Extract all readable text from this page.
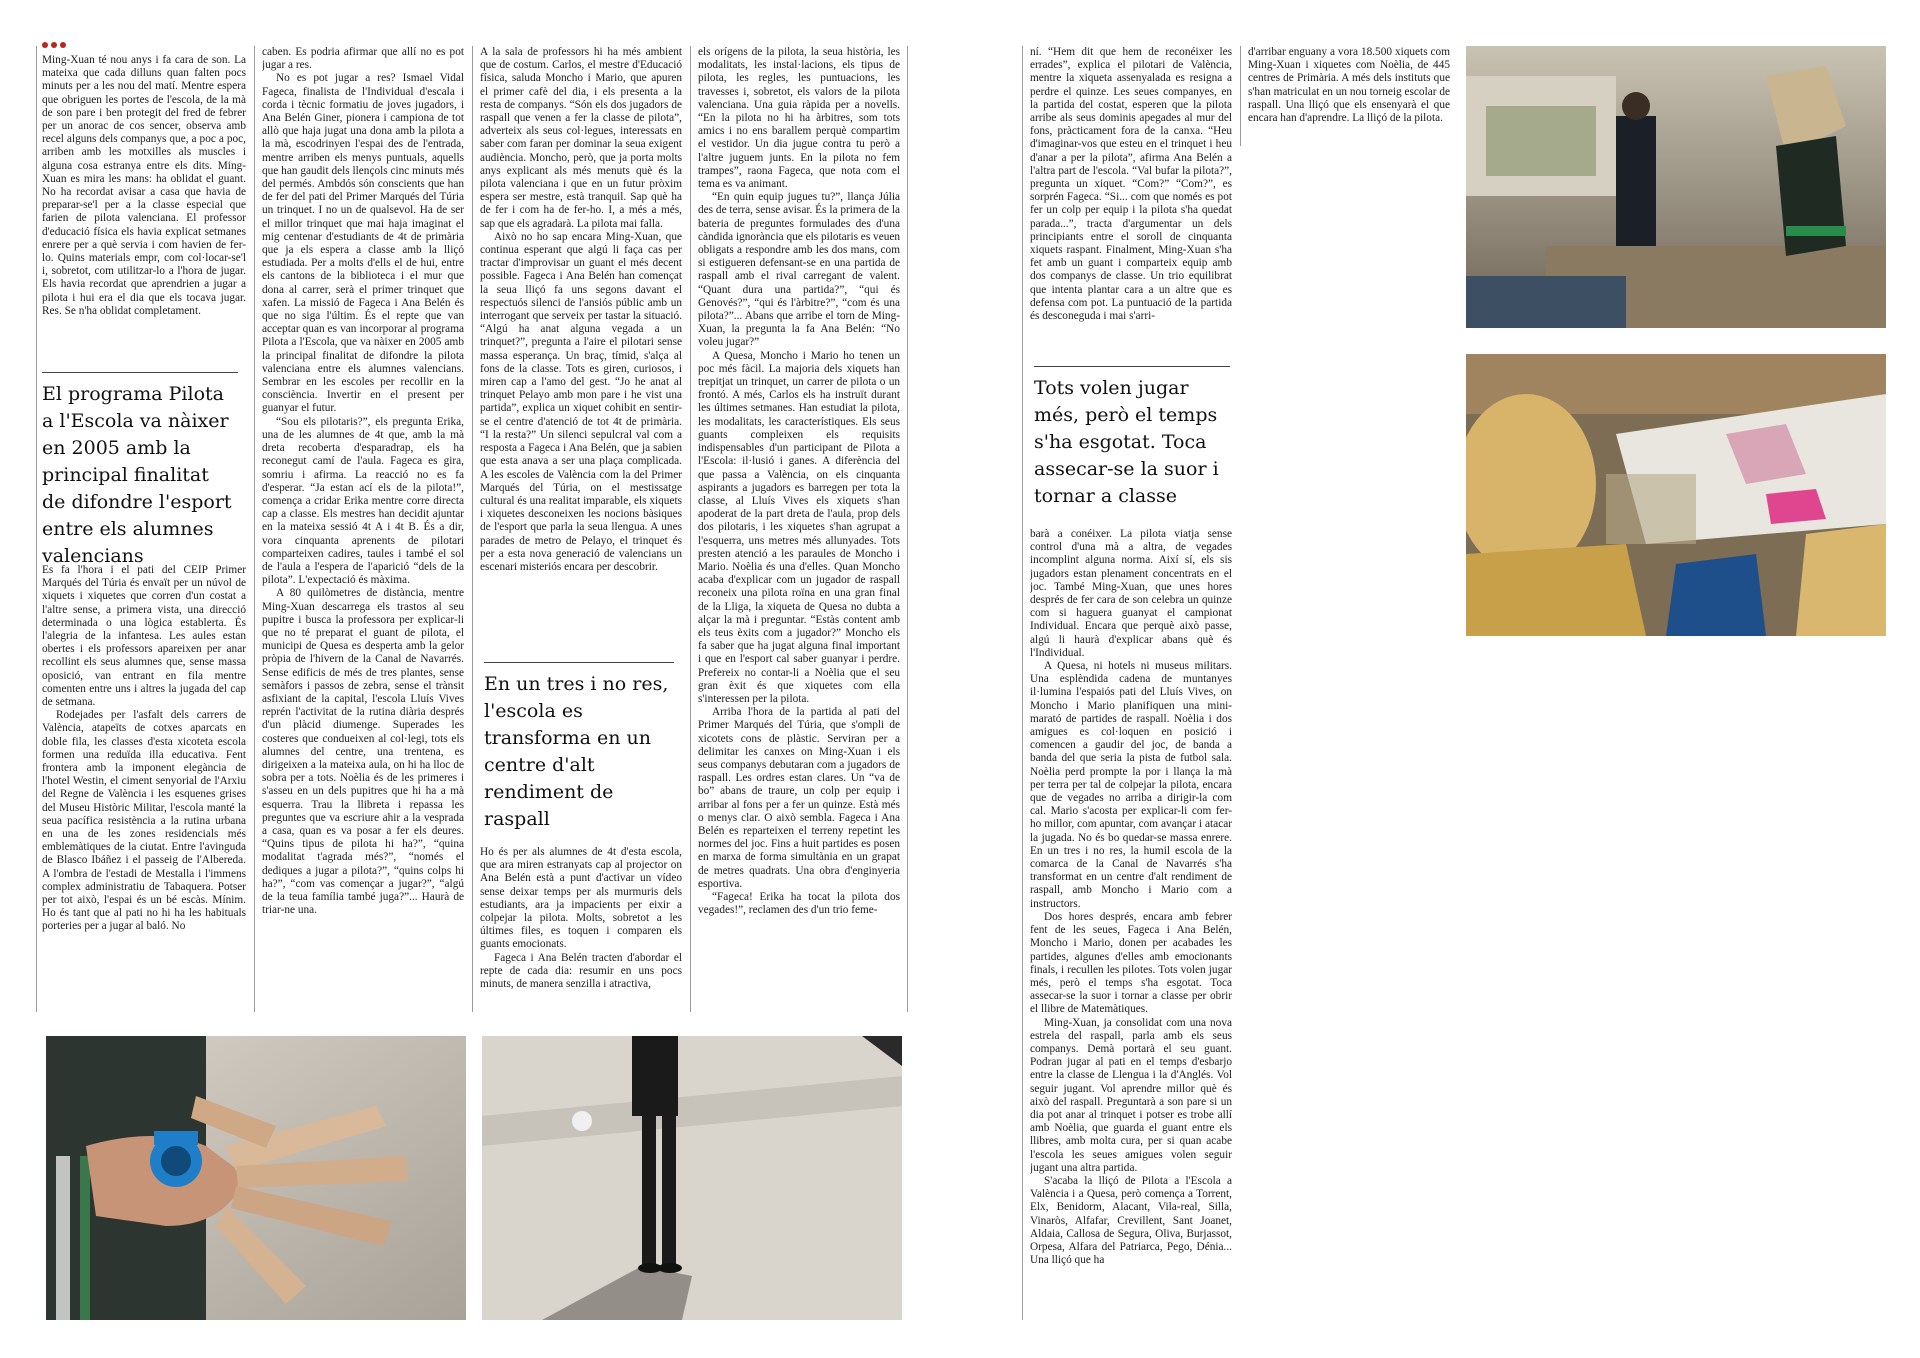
Ming-Xuan té nou anys i fa cara de son. La mateixa que cada dilluns quan falten pocs minuts per a les nou del matí. Mentre espera que obriguen les portes de l'escola, de la mà de son pare i ben protegit del fred de febrer per un anorac de cos sencer, observa amb recel alguns dels companys que, a poc a poc, arriben amb les motxilles als muscles i alguna cosa estranya entre els dits. Ming-Xuan es mira les mans: ha oblidat el guant. No ha recordat avisar a casa que havia de preparar-se'l per a la classe especial que farien de pilota valenciana. El professor d'educació física els havia explicat setmanes enrere per a què servia i com havien de fer-lo. Quins materials empr, com col·locar-se'l i, sobretot, com utilitzar-lo a l'hora de jugar. Els havia recordat que aprendrien a jugar a pilota i hui era el dia que els tocava jugar. Res. Se n'ha oblidat completament.

El programa Pilota a l'Escola va nàixer en 2005 amb la principal finalitat de difondre l'esport entre els alumnes valencians

Es fa l'hora i el pati del CEIP Primer Marqués del Túria és envaït per un núvol de xiquets i xiquetes que corren d'un costat a l'altre sense, a primera vista, una direcció determinada o una lògica establerta. És l'alegria de la infantesa. Les aules estan obertes i els professors apareixen per anar recollint els seus alumnes que, sense massa oposició, van entrant en fila mentre comenten entre uns i altres la jugada del cap de setmana.

Rodejades per l'asfalt dels carrers de València, atapeïts de cotxes aparcats en doble fila, les classes d'esta xicoteta escola formen una reduïda illa educativa. Fent frontera amb la imponent elegància de l'hotel Westin, el ciment senyorial de l'Arxiu del Regne de València i les esquenes grises del Museu Històric Militar, l'escola manté la seua pacífica resistència a la rutina urbana en una de les zones residencials més emblemàtiques de la ciutat. Entre l'avinguda de Blasco Ibáñez i el passeig de l'Albereda. A l'ombra de l'estadi de Mestalla i l'immens complex administratiu de Tabaquera. Potser per tot això, l'espai és un bé escàs. Mínim. Ho és tant que al pati no hi ha les habituals porteries per a jugar al baló. No

caben. Es podria afirmar que allí no es pot jugar a res.

No es pot jugar a res? Ismael Vidal Fageca, finalista de l'Individual d'escala i corda i tècnic formatiu de joves jugadors, i Ana Belén Giner, pionera i campiona de tot allò que haja jugat una dona amb la pilota a la mà, escodrinyen l'espai des de l'entrada, mentre arriben els menys puntuals, aquells que han gaudit dels llençols cinc minuts més del permés. Ambdós són conscients que han de fer del pati del Primer Marqués del Túria un trinquet. I no un de qualsevol. Ha de ser el millor trinquet que mai haja imaginat el mig centenar d'estudiants de 4t de primària que ja els espera a classe amb la lliçó estudiada. Per a molts d'ells el de hui, entre els cantons de la biblioteca i el mur que dona al carrer, serà el primer trinquet que xafen. La missió de Fageca i Ana Belén és que no siga l'últim. És el repte que van acceptar quan es van incorporar al programa Pilota a l'Escola, que va nàixer en 2005 amb la principal finalitat de difondre la pilota valenciana entre els alumnes valencians. Sembrar en les escoles per recollir en la consciència. Invertir en el present per guanyar el futur.

“Sou els pilotaris?”, els pregunta Erika, una de les alumnes de 4t que, amb la mà dreta recoberta d'esparadrap, els ha reconegut camí de l'aula. Fageca es gira, somriu i afirma. La reacció no es fa d'esperar. “Ja estan ací els de la pilota!”, comença a cridar Erika mentre corre directa cap a classe. Els mestres han decidit ajuntar en la mateixa sessió 4t A i 4t B. És a dir, vora cinquanta aprenents de pilotari comparteixen cadires, taules i també el sol de l'aula a l'espera de l'aparició “dels de la pilota”. L'expectació és màxima.

A 80 quilòmetres de distància, mentre Ming-Xuan descarrega els trastos al seu pupitre i busca la professora per explicar-li que no té preparat el guant de pilota, el municipi de Quesa es desperta amb la gelor pròpia de l'hivern de la Canal de Navarrés. Sense edificis de més de tres plantes, sense semàfors i passos de zebra, sense el trànsit asfixiant de la capital, l'escola Lluís Vives reprén l'activitat de la rutina diària després d'un plàcid diumenge. Superades les costeres que condueixen al col·legi, tots els alumnes del centre, una trentena, es dirigeixen a la mateixa aula, on hi ha lloc de sobra per a tots. Noèlia és de les primeres i s'asseu en un dels pupitres que hi ha a mà esquerra. Trau la llibreta i repassa les preguntes que va escriure ahir a la vesprada a casa, quan es va posar a fer els deures. “Quins tipus de pilota hi ha?”, “quina modalitat t'agrada més?”, “només el dediques a jugar a pilota?”, “quins colps hi ha?”, “com vas començar a jugar?”, “algú de la teua família també juga?”... Haurà de triar-ne una.

A la sala de professors hi ha més ambient que de costum. Carlos, el mestre d'Educació física, saluda Moncho i Mario, que apuren el primer cafè del dia, i els presenta a la resta de companys. “Són els dos jugadors de raspall que venen a fer la classe de pilota”, adverteix als seus col·legues, interessats en saber com faran per dominar la seua exigent audiència. Moncho, però, que ja porta molts anys explicant als més menuts què és la pilota valenciana i que en un futur pròxim espera ser mestre, està tranquil. Sap què ha de fer i com ha de fer-ho. I, a més a més, sap que els agradarà. La pilota mai falla.

Això no ho sap encara Ming-Xuan, que continua esperant que algú li faça cas per tractar d'improvisar un guant el més decent possible. Fageca i Ana Belén han començat la seua lliçó fa uns segons davant el respectuós silenci de l'ansiós públic amb un interrogant que serveix per tastar la situació. “Algú ha anat alguna vegada a un trinquet?”, pregunta a l'aire el pilotari sense massa esperança. Un braç, tímid, s'alça al fons de la classe. Tots es giren, curiosos, i miren cap a l'amo del gest. “Jo he anat al trinquet Pelayo amb mon pare i he vist una partida”, explica un xiquet cohibit en sentir-se el centre d'atenció de tot 4t de primària. “I la resta?” Un silenci sepulcral val com a resposta a Fageca i Ana Belén, que ja sabien que esta anava a ser una plaça complicada. A les escoles de València com la del Primer Marqués del Túria, on el mestissatge cultural és una realitat imparable, els xiquets i xiquetes desconeixen les nocions bàsiques de l'esport que parla la seua llengua. A unes parades de metro de Pelayo, el trinquet és per a esta nova generació de valencians un escenari misteriós encara per descobrir.

En un tres i no res, l'escola es transforma en un centre d'alt rendiment de raspall

Ho és per als alumnes de 4t d'esta escola, que ara miren estranyats cap al projector on Ana Belén està a punt d'activar un vídeo sense deixar temps per als murmuris dels estudiants, ara ja impacients per eixir a colpejar la pilota. Molts, sobretot a les últimes files, es toquen i comparen els guants emocionats.

Fageca i Ana Belén tracten d'abordar el repte de cada dia: resumir en uns pocs minuts, de manera senzilla i atractiva,

els orígens de la pilota, la seua història, les modalitats, les instal·lacions, els tipus de pilota, les regles, les puntuacions, les travesses i, sobretot, els valors de la pilota valenciana. Una guia ràpida per a novells. “En la pilota no hi ha àrbitres, som tots amics i no ens barallem perquè compartim el vestidor. Un dia jugue contra tu però a l'altre juguem junts. En la pilota no fem trampes”, raona Fageca, que nota com el tema es va animant.

“En quin equip jugues tu?”, llança Júlia des de terra, sense avisar. És la primera de la bateria de preguntes formulades des d'una càndida ignorància que els pilotaris es veuen obligats a respondre amb les dos mans, com si estigueren defensant-se en una partida de raspall amb el rival carregant de valent. “Quant dura una partida?”, “qui és Genovés?”, “qui és l'àrbitre?”, “com és una pilota?”... Abans que arribe el torn de Ming-Xuan, la pregunta la fa Ana Belén: “No voleu jugar?”

A Quesa, Moncho i Mario ho tenen un poc més fàcil. La majoria dels xiquets han trepitjat un trinquet, un carrer de pilota o un frontó. A més, Carlos els ha instruït durant les últimes setmanes. Han estudiat la pilota, les modalitats, les característiques. Els seus guants compleixen els requisits indispensables d'un participant de Pilota a l'Escola: il·lusió i ganes. A diferència del que passa a València, on els cinquanta aspirants a jugadors es barregen per tota la classe, al Lluís Vives els xiquets s'han apoderat de la part dreta de l'aula, prop dels dos pilotaris, i les xiquetes s'han agrupat a l'esquerra, uns metres més allunyades. Tots presten atenció a les paraules de Moncho i Mario. Noèlia és una d'elles. Quan Moncho acaba d'explicar com un jugador de raspall reconeix una pilota roïna en una gran final de la Lliga, la xiqueta de Quesa no dubta a alçar la mà i preguntar. “Estàs content amb els teus èxits com a jugador?” Moncho els fa saber que ha jugat alguna final important i que en l'esport cal saber guanyar i perdre. Prefereix no contar-li a Noèlia que el seu gran èxit és que xiquetes com ella s'interessen per la pilota.

Arriba l'hora de la partida al pati del Primer Marqués del Túria, que s'ompli de xicotets cons de plàstic. Serviran per a delimitar les canxes on Ming-Xuan i els seus companys debutaran com a jugadors de raspall. Les ordres estan clares. Un “va de bo” abans de traure, un colp per equip i arribar al fons per a fer un quinze. Està més o menys clar. O això sembla. Fageca i Ana Belén es reparteixen el terreny repetint les normes del joc. Fins a huit partides es posen en marxa de forma simultània en un grapat de metres quadrats. Una obra d'enginyeria esportiva.

“Fageca! Erika ha tocat la pilota dos vegades!”, reclamen des d'un trio feme-

ní. “Hem dit que hem de reconéixer les errades”, explica el pilotari de València, mentre la xiqueta assenyalada es resigna a perdre el quinze. Les seues companyes, en la partida del costat, esperen que la pilota arribe als seus dominis apegades al mur del fons, pràcticament fora de la canxa. “Heu d'imaginar-vos que esteu en el trinquet i heu d'anar a per la pilota”, afirma Ana Belén a l'altra part de l'escola. “Val bufar la pilota?”, pregunta un xiquet. “Com?” “Com?”, es sorprén Fageca. “Si... com que només es pot fer un colp per equip i la pilota s'ha quedat parada...”, tracta d'argumentar un dels principiants entre el soroll de cinquanta xiquets raspant. Finalment, Ming-Xuan s'ha fet amb un guant i comparteix equip amb dos companys de classe. Un trio equilibrat que intenta plantar cara a un altre que es defensa com pot. La puntuació de la partida és desconeguda i mai s'arri-

Tots volen jugar més, però el temps s'ha esgotat. Toca assecar-se la suor i tornar a classe

barà a conéixer. La pilota viatja sense control d'una mà a altra, de vegades incomplint alguna norma. Així sí, els sis jugadors estan plenament concentrats en el joc. També Ming-Xuan, que unes hores després de fer cara de son celebra un quinze com si haguera guanyat el campionat Individual. Encara que perquè això passe, algú li haurà d'explicar abans què és l'Individual.

A Quesa, ni hotels ni museus militars. Una esplèndida cadena de muntanyes il·lumina l'espaiós pati del Lluís Vives, on Moncho i Mario planifiquen una mini-marató de partides de raspall. Noèlia i dos amigues es col·loquen en posició i comencen a gaudir del joc, de banda a banda del que seria la pista de futbol sala. Noèlia perd prompte la por i llança la mà per terra per tal de colpejar la pilota, encara que de vegades no arriba a dirigir-la com cal. Mario s'acosta per explicar-li com fer-ho millor, com apuntar, com avançar i atacar la jugada. No és bo quedar-se massa enrere. En un tres i no res, la humil escola de la comarca de la Canal de Navarrés s'ha transformat en un centre d'alt rendiment de raspall, amb Moncho i Mario com a instructors.

Dos hores després, encara amb febrer fent de les seues, Fageca i Ana Belén, Moncho i Mario, donen per acabades les partides, algunes d'elles amb emocionants finals, i recullen les pilotes. Tots volen jugar més, però el temps s'ha esgotat. Toca assecar-se la suor i tornar a classe per obrir el llibre de Matemàtiques.

Ming-Xuan, ja consolidat com una nova estrela del raspall, parla amb els seus companys. Demà portarà el seu guant. Podran jugar al pati en el temps d'esbarjo entre la classe de Llengua i la d'Anglés. Vol seguir jugant. Vol aprendre millor què és això del raspall. Preguntarà a son pare si un dia pot anar al trinquet i potser es trobe allí amb Noèlia, que guarda el guant entre els llibres, amb molta cura, per si quan acabe l'escola les seues amigues volen seguir jugant una altra partida.

S'acaba la lliçó de Pilota a l'Escola a València i a Quesa, però comença a Torrent, Elx, Benidorm, Alacant, Vila-real, Silla, Vinaròs, Alfafar, Crevillent, Sant Joanet, Aldaia, Callosa de Segura, Oliva, Burjassot, Orpesa, Alfara del Patriarca, Pego, Dénia... Una lliçó que ha

d'arribar enguany a vora 18.500 xiquets com Ming-Xuan i xiquetes com Noèlia, de 445 centres de Primària. A més dels instituts que s'han matriculat en un nou torneig escolar de raspall. Una lliçó que els ensenyarà el que encara han d'aprendre. La lliçó de la pilota.
